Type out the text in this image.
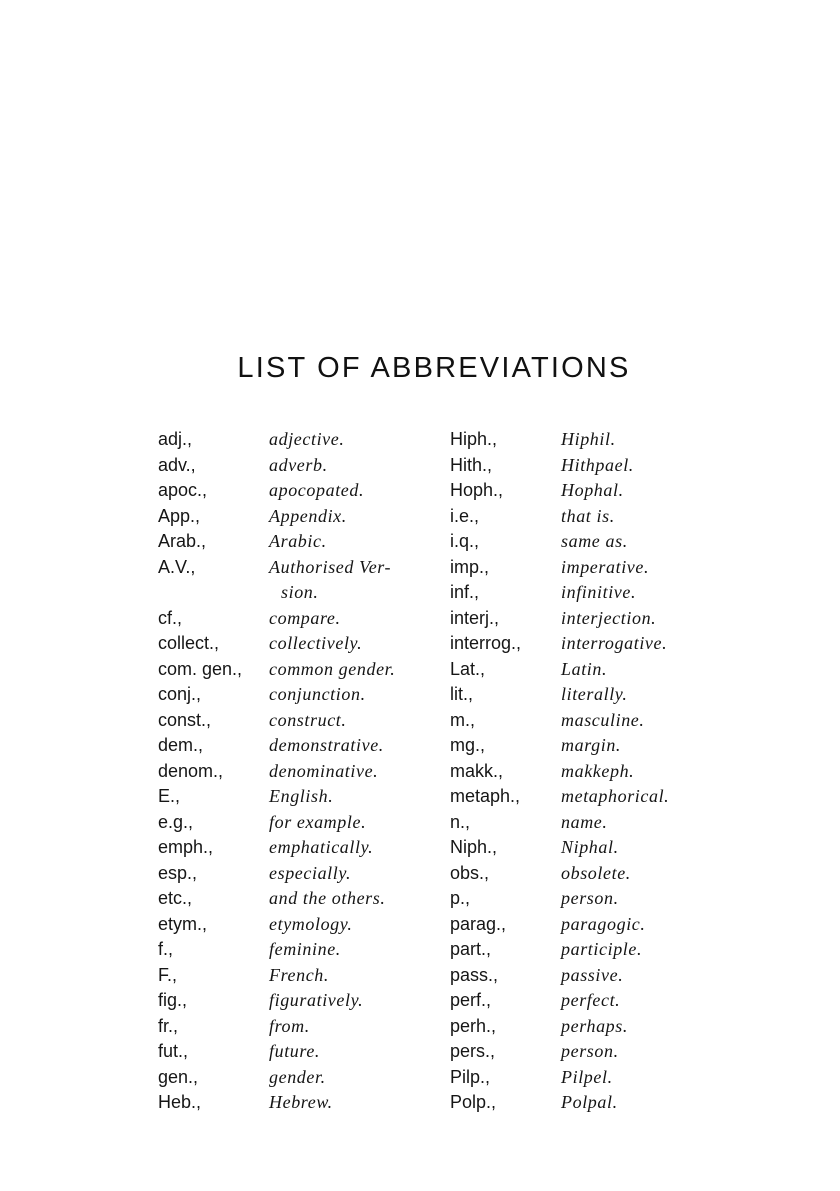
LIST OF ABBREVIATIONS
adj.,	adjective.
adv.,	adverb.
apoc.,	apocopated.
App.,	Appendix.
Arab.,	Arabic.
A.V.,	Authorised Ver-
sion.
cf.,	compare.
collect.,	collectively.
com. gen.,	common gender.
conj.,	conjunction.
const.,	construct.
dem.,	demonstrative.
denom.,	denominative.
E.,	English.
e.g.,	for example.
emph.,	emphatically.
esp.,	especially.
etc.,	and the others.
etym.,	etymology.
f.,	feminine.
F.,	French.
fig.,	figuratively.
fr.,	from.
fut.,	future.
gen.,	gender.
Heb.,	Hebrew.
Hiph.,	Hiphil.
Hith.,	Hithpael.
Hoph.,	Hophal.
i.e.,	that is.
i.q.,	same as.
imp.,	imperative.
inf.,	infinitive.
interj.,	interjection.
interrog.,	interrogative.
Lat.,	Latin.
lit.,	literally.
m.,	masculine.
mg.,	margin.
makk.,	makkeph.
metaph.,	metaphorical.
n.,	name.
Niph.,	Niphal.
obs.,	obsolete.
p.,	person.
parag.,	paragogic.
part.,	participle.
pass.,	passive.
perf.,	perfect.
perh.,	perhaps.
pers.,	person.
Pilp.,	Pilpel.
Polp.,	Polpal.
